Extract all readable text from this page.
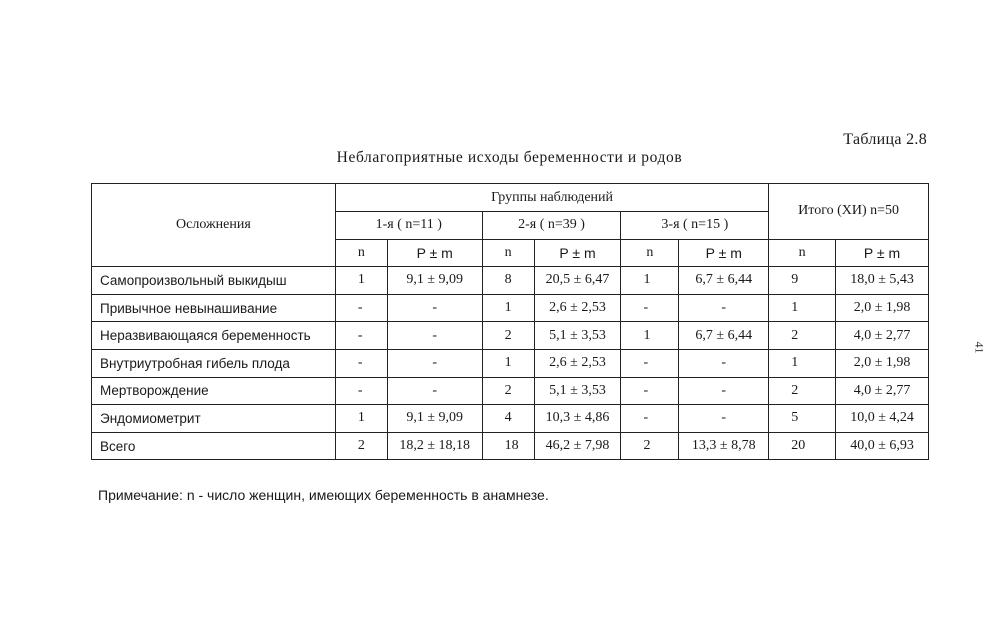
Таблица 2.8
Неблагоприятные исходы беременности и родов
Осложнения	Группы наблюдений						Итого (ХИ) n=50	
	1-я ( n=11 )		2-я ( n=39 )		3-я ( n=15 )			
	n	P ± m	n	P ± m	n	P ± m	n	P ± m
Самопроизвольный выкидыш	1	9,1 ± 9,09	8	20,5 ± 6,47	1	6,7 ± 6,44	9	18,0 ± 5,43
Привычное невынашивание	-	-	1	2,6 ± 2,53	-	-	1	2,0 ± 1,98
Неразвивающаяся беременность	-	-	2	5,1 ± 3,53	1	6,7 ± 6,44	2	4,0 ± 2,77
Внутриутробная гибель плода	-	-	1	2,6 ± 2,53	-	-	1	2,0 ± 1,98
Мертворождение	-	-	2	5,1 ± 3,53	-	-	2	4,0 ± 2,77
Эндомиометрит	1	9,1 ± 9,09	4	10,3 ± 4,86	-	-	5	10,0 ± 4,24
Всего	2	18,2 ± 18,18	18	46,2 ± 7,98	2	13,3 ± 8,78	20	40,0 ± 6,93
Примечание: n - число женщин, имеющих беременность в анамнезе.
41
